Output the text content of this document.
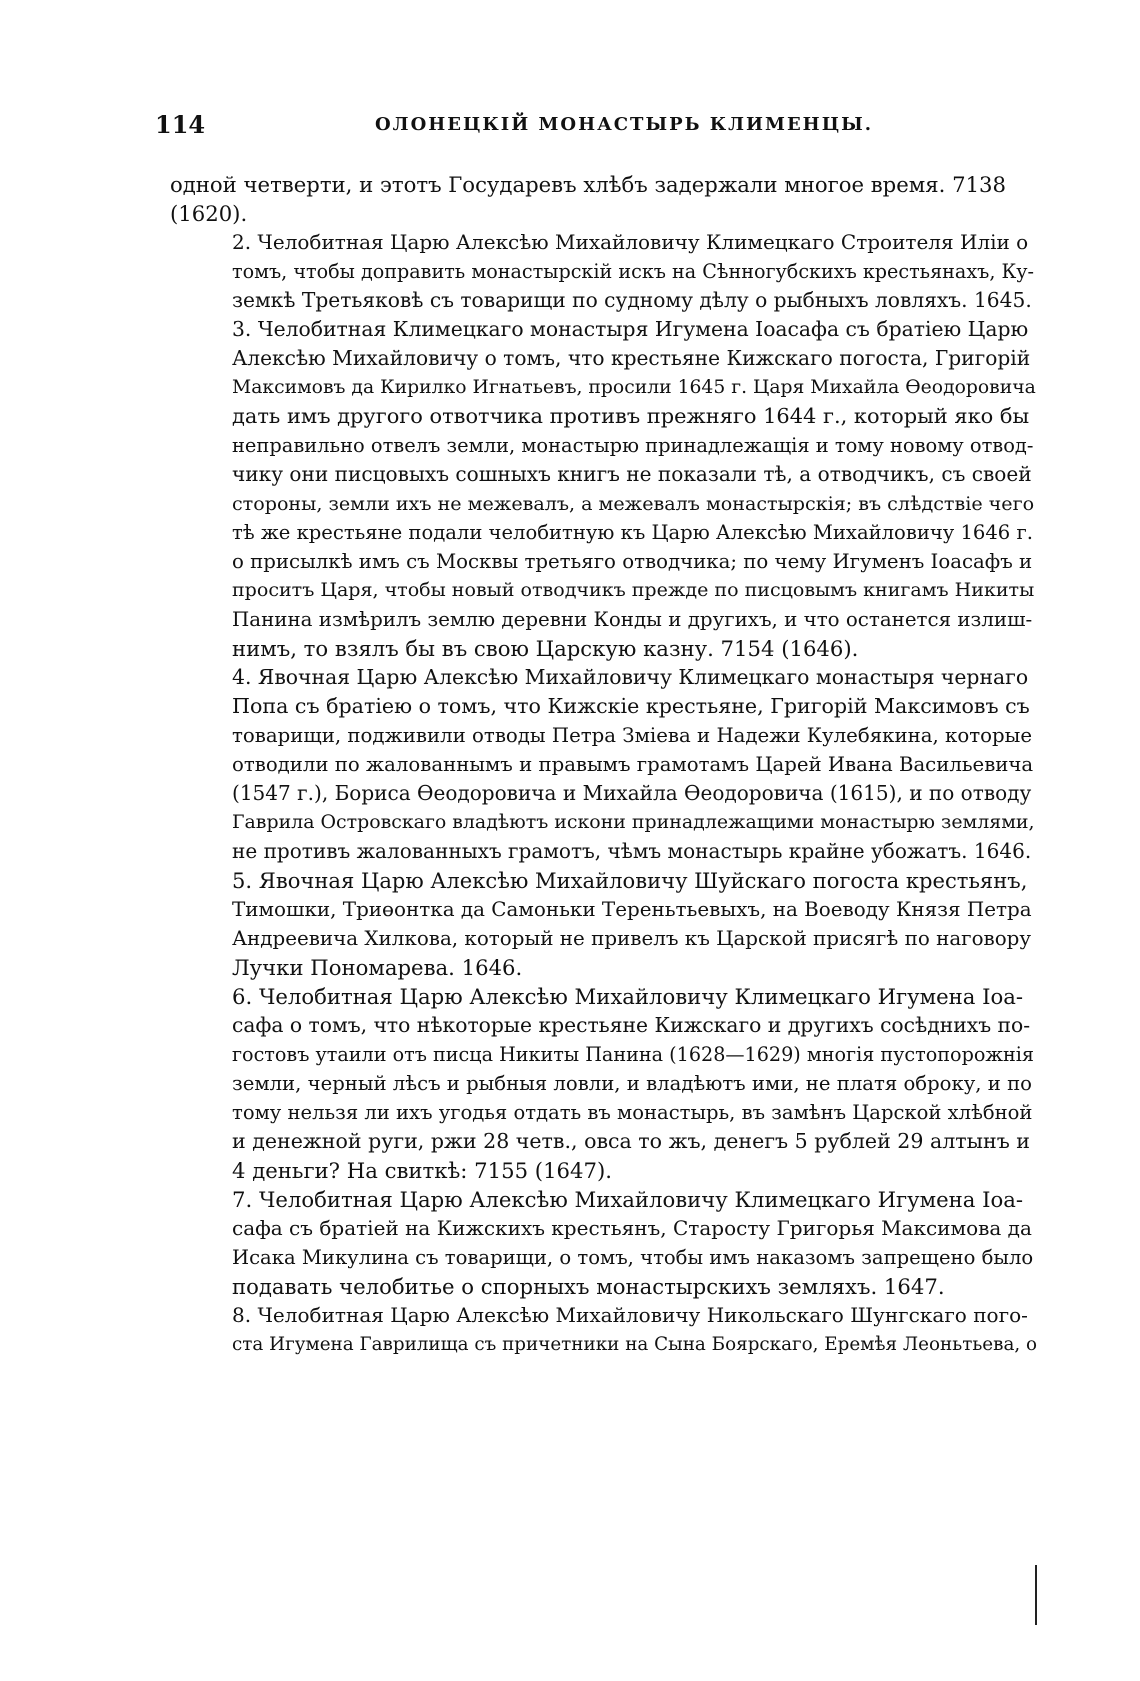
114	ОЛОНЕЦКІЙ МОНАСТЫРЬ КЛИМЕНЦЫ.
одной четверти, и этотъ Государевъ хлѣбъ задержали многое время. 7138
(1620).
2. Челобитная Царю Алексѣю Михайловичу Климецкаго Строителя Иліи о
томъ, чтобы доправить монастырскій искъ на Сѣнногубскихъ крестьянахъ, Ку-
земкѣ Третьяковѣ съ товарищи по судному дѣлу о рыбныхъ ловляхъ. 1645.
3. Челобитная Климецкаго монастыря Игумена Іоасафа съ братіею Царю
Алексѣю Михайловичу о томъ, что крестьяне Кижскаго погоста, Григорій
Максимовъ да Кирилко Игнатьевъ, просили 1645 г. Царя Михайла Өеодоровича
дать имъ другого отвотчика противъ прежняго 1644 г., который яко бы
неправильно отвелъ земли, монастырю принадлежащія и тому новому отвод-
чику они писцовыхъ сошныхъ книгъ не показали тѣ, а отводчикъ, съ своей
стороны, земли ихъ не межевалъ, а межевалъ монастырскія; въ слѣдствіе чего
тѣ же крестьяне подали челобитную къ Царю Алексѣю Михайловичу 1646 г.
о присылкѣ имъ съ Москвы третьяго отводчика; по чему Игуменъ Іоасафъ и
проситъ Царя, чтобы новый отводчикъ прежде по писцовымъ книгамъ Никиты
Панина измѣрилъ землю деревни Конды и другихъ, и что останется излиш-
нимъ, то взялъ бы въ свою Царскую казну. 7154 (1646).
4. Явочная Царю Алексѣю Михайловичу Климецкаго монастыря чернаго
Попа съ братіею о томъ, что Кижскіе крестьяне, Григорій Максимовъ съ
товарищи, подживили отводы Петра Зміева и Надежи Кулебякина, которые
отводили по жалованнымъ и правымъ грамотамъ Царей Ивана Васильевича
(1547 г.), Бориса Өеодоровича и Михайла Өеодоровича (1615), и по отводу
Гаврила Островскаго владѣютъ искони принадлежащими монастырю землями,
не противъ жалованныхъ грамотъ, чѣмъ монастырь крайне убожатъ. 1646.
5. Явочная Царю Алексѣю Михайловичу Шуйскаго погоста крестьянъ,
Тимошки, Триөонтка да Самоньки Тереньтьевыхъ, на Воеводу Князя Петра
Андреевича Хилкова, который не привелъ къ Царской присягѣ по наговору
Лучки Пономарева. 1646.
6. Челобитная Царю Алексѣю Михайловичу Климецкаго Игумена Іоа-
сафа о томъ, что нѣкоторые крестьяне Кижскаго и другихъ сосѣднихъ по-
гостовъ утаили отъ писца Никиты Панина (1628—1629) многія пустопорожнія
земли, черный лѣсъ и рыбныя ловли, и владѣютъ ими, не платя оброку, и по
тому нельзя ли ихъ угодья отдать въ монастырь, въ замѣнъ Царской хлѣбной
и денежной руги, ржи 28 четв., овса то жъ, денегъ 5 рублей 29 алтынъ и
4 деньги? На свиткѣ: 7155 (1647).
7. Челобитная Царю Алексѣю Михайловичу Климецкаго Игумена Іоа-
сафа съ братіей на Кижскихъ крестьянъ, Старосту Григорья Максимова да
Исака Микулина съ товарищи, о томъ, чтобы имъ наказомъ запрещено было
подавать челобитье о спорныхъ монастырскихъ земляхъ. 1647.
8. Челобитная Царю Алексѣю Михайловичу Никольскаго Шунгскаго пого-
ста Игумена Гаврилища съ причетники на Сына Боярскаго, Еремѣя Леоньтьева, о
